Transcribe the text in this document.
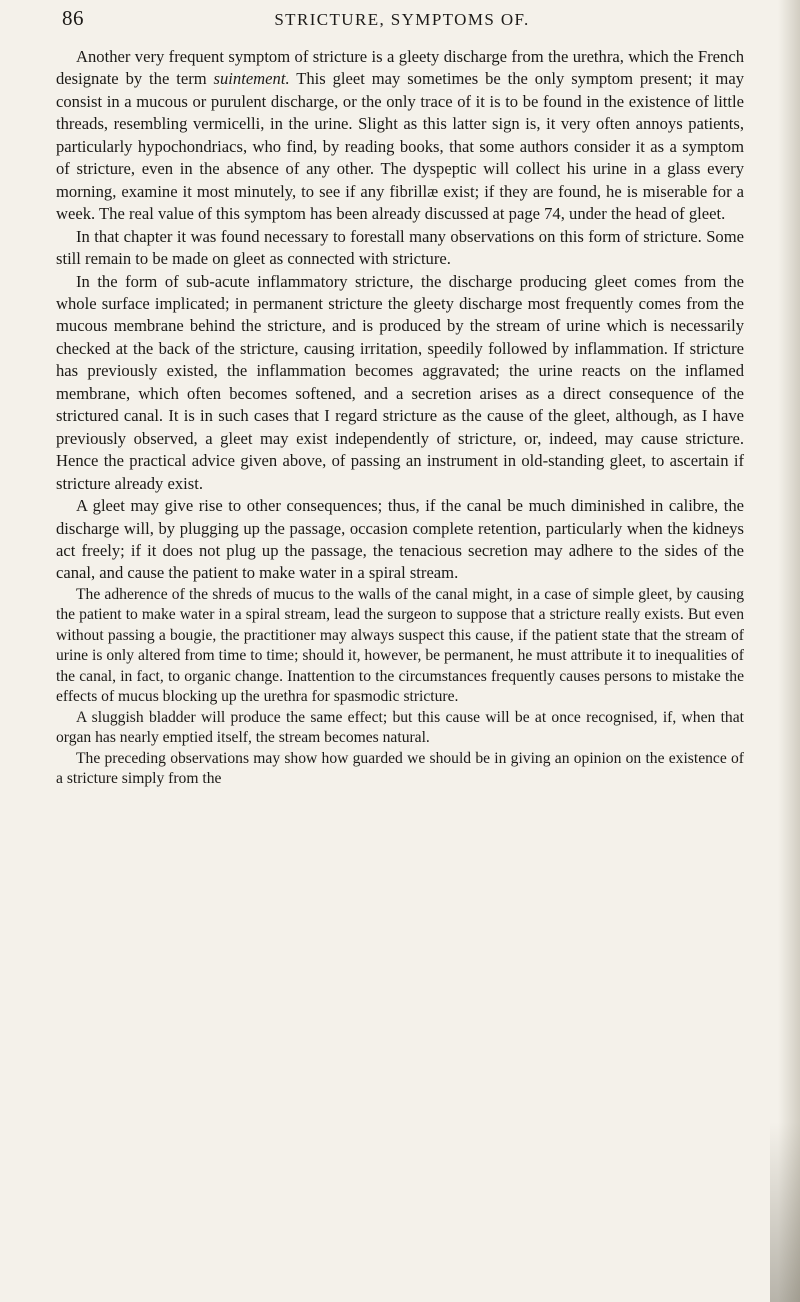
86	STRICTURE, SYMPTOMS OF.

Another very frequent symptom of stricture is a gleety discharge from the urethra, which the French designate by the term suintement. This gleet may sometimes be the only symptom present; it may consist in a mucous or purulent discharge, or the only trace of it is to be found in the existence of little threads, resembling vermicelli, in the urine. Slight as this latter sign is, it very often annoys patients, particularly hypochondriacs, who find, by reading books, that some authors consider it as a symptom of stricture, even in the absence of any other. The dyspeptic will collect his urine in a glass every morning, examine it most minutely, to see if any fibrillæ exist; if they are found, he is miserable for a week. The real value of this symptom has been already discussed at page 74, under the head of gleet.

In that chapter it was found necessary to forestall many observations on this form of stricture. Some still remain to be made on gleet as connected with stricture.

In the form of sub-acute inflammatory stricture, the discharge producing gleet comes from the whole surface implicated; in permanent stricture the gleety discharge most frequently comes from the mucous membrane behind the stricture, and is produced by the stream of urine which is necessarily checked at the back of the stricture, causing irritation, speedily followed by inflammation. If stricture has previously existed, the inflammation becomes aggravated; the urine reacts on the inflamed membrane, which often becomes softened, and a secretion arises as a direct consequence of the strictured canal. It is in such cases that I regard stricture as the cause of the gleet, although, as I have previously observed, a gleet may exist independently of stricture, or, indeed, may cause stricture. Hence the practical advice given above, of passing an instrument in old-standing gleet, to ascertain if stricture already exist.

A gleet may give rise to other consequences; thus, if the canal be much diminished in calibre, the discharge will, by plugging up the passage, occasion complete retention, particularly when the kidneys act freely; if it does not plug up the passage, the tenacious secretion may adhere to the sides of the canal, and cause the patient to make water in a spiral stream.

The adherence of the shreds of mucus to the walls of the canal might, in a case of simple gleet, by causing the patient to make water in a spiral stream, lead the surgeon to suppose that a stricture really exists. But even without passing a bougie, the practitioner may always suspect this cause, if the patient state that the stream of urine is only altered from time to time; should it, however, be permanent, he must attribute it to inequalities of the canal, in fact, to organic change. Inattention to the circumstances frequently causes persons to mistake the effects of mucus blocking up the urethra for spasmodic stricture.

A sluggish bladder will produce the same effect; but this cause will be at once recognised, if, when that organ has nearly emptied itself, the stream becomes natural.

The preceding observations may show how guarded we should be in giving an opinion on the existence of a stricture simply from the
